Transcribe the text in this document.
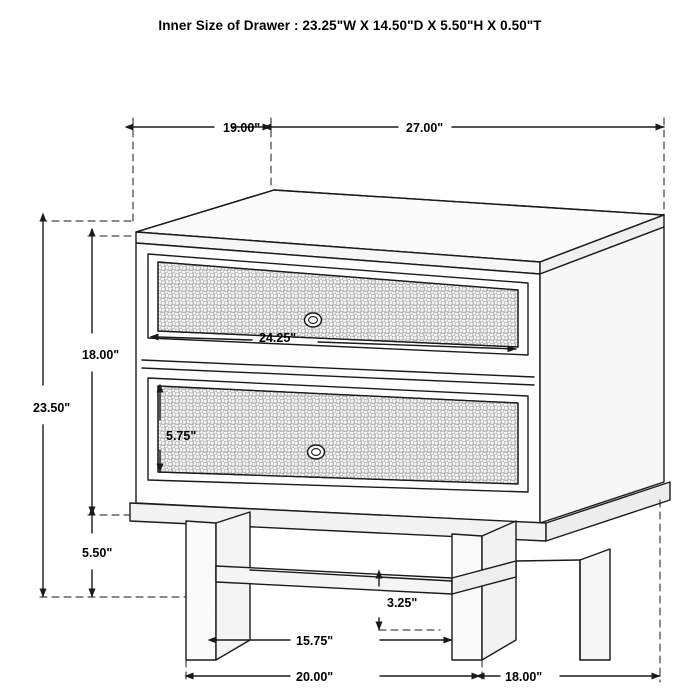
Inner Size of Drawer : 23.25"W X 14.50"D X 5.50"H X 0.50"T
19.00"	27.00"
23.50"
18.00"
5.50"
24.25"
5.75"
3.25"
15.75"
20.00"	18.00"
